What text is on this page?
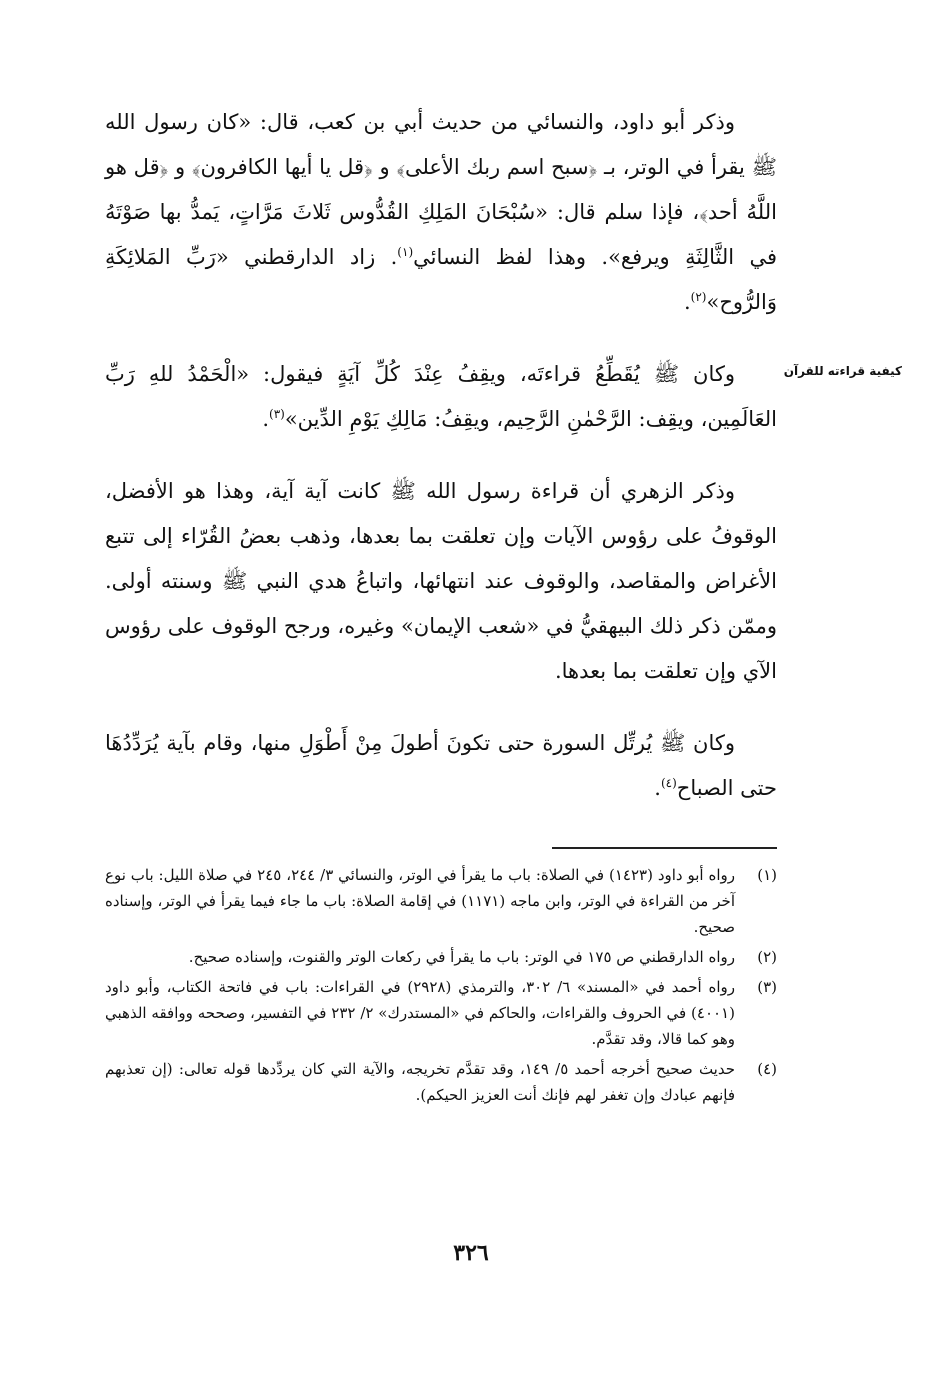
كيفية قراءته للقرآن

وذكر أبو داود، والنسائي من حديث أبي بن كعب، قال: «كان رسول الله ﷺ يقرأ في الوتر، بـ ﴿سبح اسم ربك الأعلى﴾ و ﴿قل يا أيها الكافرون﴾ و ﴿قل هو اللَّهُ أحد﴾، فإذا سلم قال: «سُبْحَانَ المَلِكِ القُدُّوس ثَلاثَ مَرَّاتٍ، يَمدُّ بها صَوْتَهُ في الثَّالِثَةِ ويرفع». وهذا لفظ النسائي$^{(١)}$. زاد الدارقطني «رَبِّ المَلائِكَةِ وَالرُّوح»$^{(٢)}$.

وكان ﷺ يُقَطِّعُ قراءتَه، ويقِفُ عِنْدَ كُلِّ آيَةٍ فيقول: «الْحَمْدُ للهِ رَبِّ العَالَمِين، ويقِف: الرَّحْمٰنِ الرَّحِيم، ويقِفُ: مَالِكِ يَوْمِ الدِّين»$^{(٣)}$.

وذكر الزهري أن قراءة رسول الله ﷺ كانت آية آية، وهذا هو الأفضل، الوقوفُ على رؤوس الآيات وإن تعلقت بما بعدها، وذهب بعضُ القُرّاء إلى تتبع الأغراض والمقاصد، والوقوف عند انتهائها، واتباعُ هدي النبي ﷺ وسنته أولى. وممّن ذكر ذلك البيهقيُّ في «شعب الإيمان» وغيره، ورجح الوقوف على رؤوس الآي وإن تعلقت بما بعدها.

وكان ﷺ يُرتِّل السورة حتى تكونَ أطولَ مِنْ أَطْوَلِ منها، وقام بآية يُرَدِّدُهَا حتى الصباح$^{(٤)}$.

(١)
رواه أبو داود (١٤٢٣) في الصلاة: باب ما يقرأ في الوتر، والنسائي ٣/ ٢٤٤، ٢٤٥ في صلاة الليل: باب نوع آخر من القراءة في الوتر، وابن ماجه (١١٧١) في إقامة الصلاة: باب ما جاء فيما يقرأ في الوتر، وإسناده صحيح.
(٢)
رواه الدارقطني ص ١٧٥ في الوتر: باب ما يقرأ في ركعات الوتر والقنوت، وإسناده صحيح.
(٣)
رواه أحمد في «المسند» ٦/ ٣٠٢، والترمذي (٢٩٢٨) في القراءات: باب في فاتحة الكتاب، وأبو داود (٤٠٠١) في الحروف والقراءات، والحاكم في «المستدرك» ٢/ ٢٣٢ في التفسير، وصححه ووافقه الذهبي وهو كما قالا، وقد تقدَّم.
(٤)
حديث صحيح أخرجه أحمد ٥/ ١٤٩، وقد تقدَّم تخريجه، والآية التي كان يردِّدها قوله تعالى: (إن تعذبهم فإنهم عبادك وإن تغفر لهم فإنك أنت العزيز الحيكم).
٣٢٦
